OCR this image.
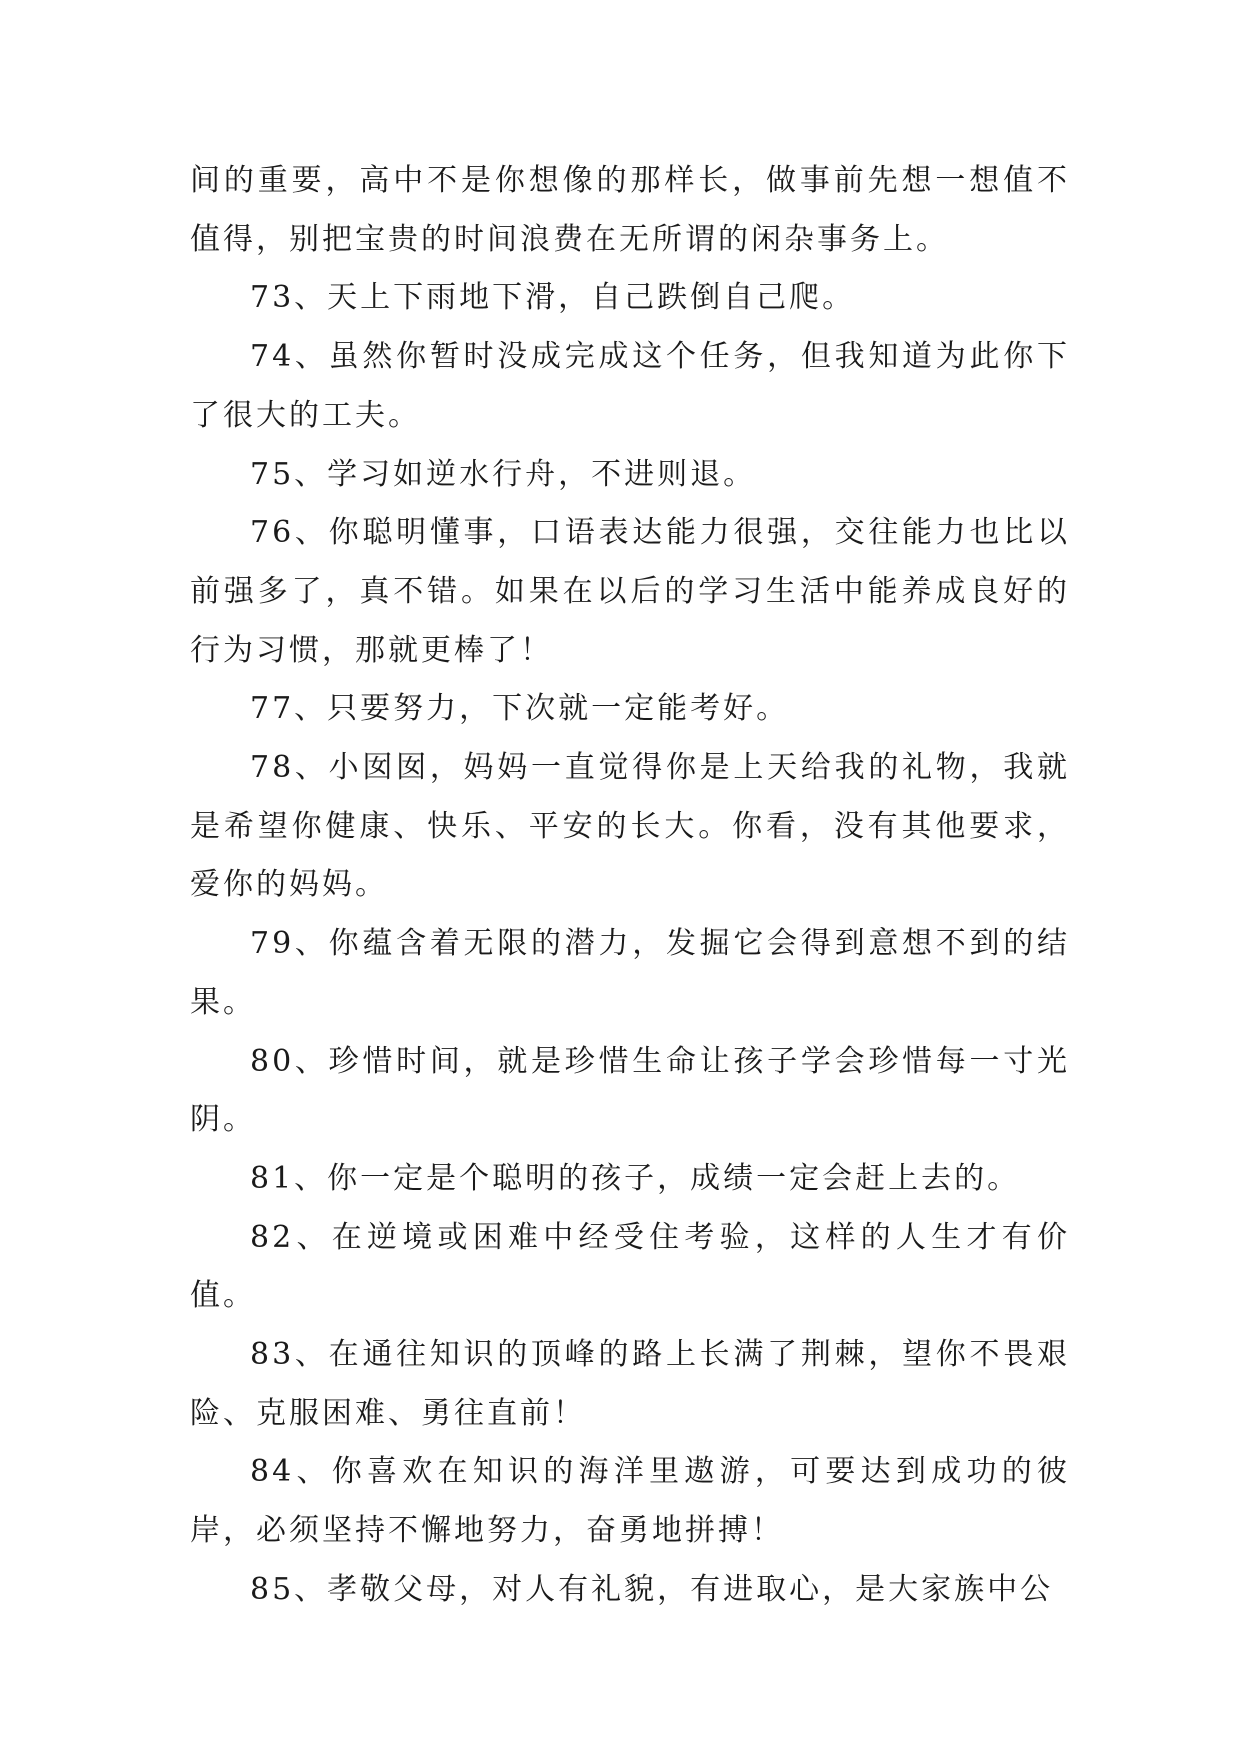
间的重要，高中不是你想像的那样长，做事前先想一想值不值得，别把宝贵的时间浪费在无所谓的闲杂事务上。

73、天上下雨地下滑，自己跌倒自己爬。

74、虽然你暂时没成完成这个任务，但我知道为此你下了很大的工夫。

75、学习如逆水行舟，不进则退。

76、你聪明懂事，口语表达能力很强，交往能力也比以前强多了，真不错。如果在以后的学习生活中能养成良好的行为习惯，那就更棒了！

77、只要努力，下次就一定能考好。

78、小囡囡，妈妈一直觉得你是上天给我的礼物，我就是希望你健康、快乐、平安的长大。你看，没有其他要求，爱你的妈妈。

79、你蕴含着无限的潜力，发掘它会得到意想不到的结果。

80、珍惜时间，就是珍惜生命让孩子学会珍惜每一寸光阴。

81、你一定是个聪明的孩子，成绩一定会赶上去的。

82、在逆境或困难中经受住考验，这样的人生才有价值。

83、在通往知识的顶峰的路上长满了荆棘，望你不畏艰险、克服困难、勇往直前！

84、你喜欢在知识的海洋里遨游，可要达到成功的彼岸，必须坚持不懈地努力，奋勇地拼搏！

85、孝敬父母，对人有礼貌，有进取心，是大家族中公
